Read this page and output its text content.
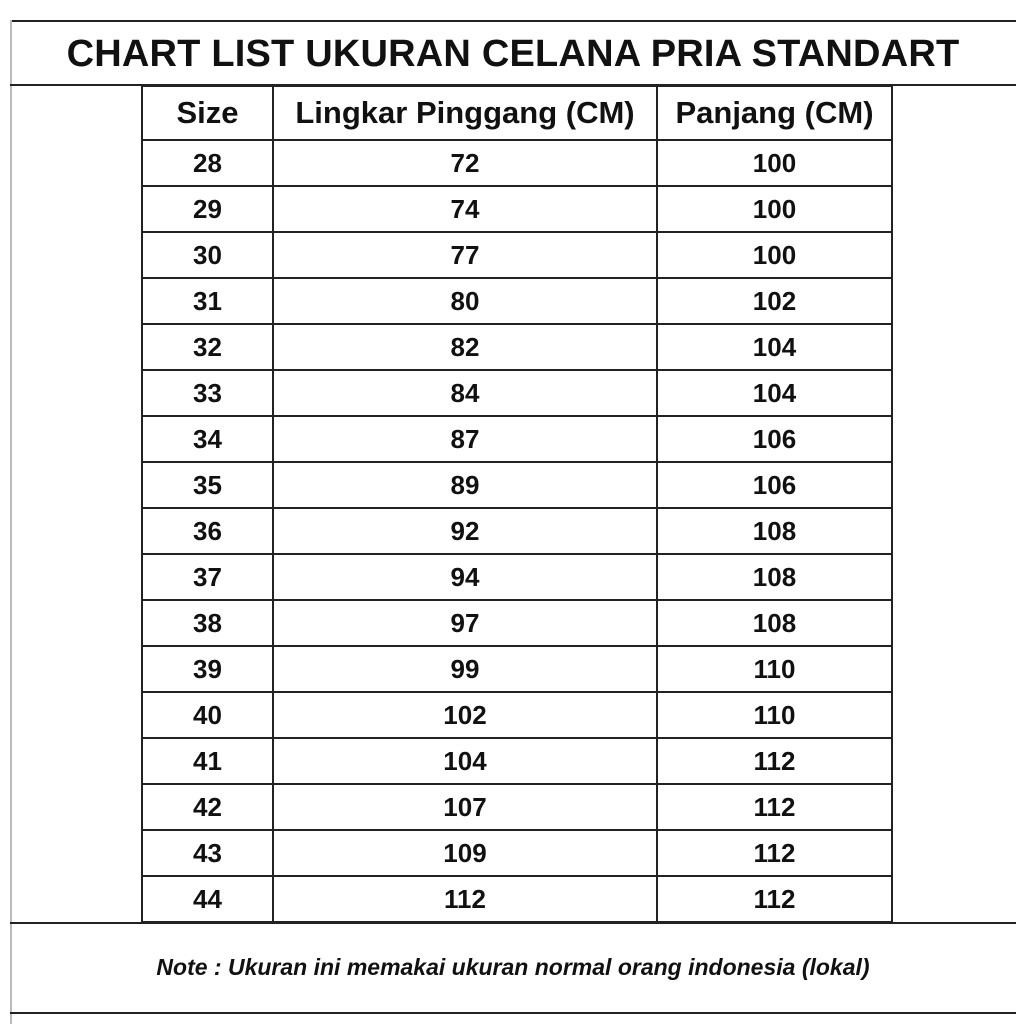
CHART LIST UKURAN CELANA PRIA STANDART
Size	Lingkar Pinggang (CM)	Panjang (CM)
28	72	100
29	74	100
30	77	100
31	80	102
32	82	104
33	84	104
34	87	106
35	89	106
36	92	108
37	94	108
38	97	108
39	99	110
40	102	110
41	104	112
42	107	112
43	109	112
44	112	112
Note : Ukuran ini memakai ukuran normal orang indonesia (lokal)
